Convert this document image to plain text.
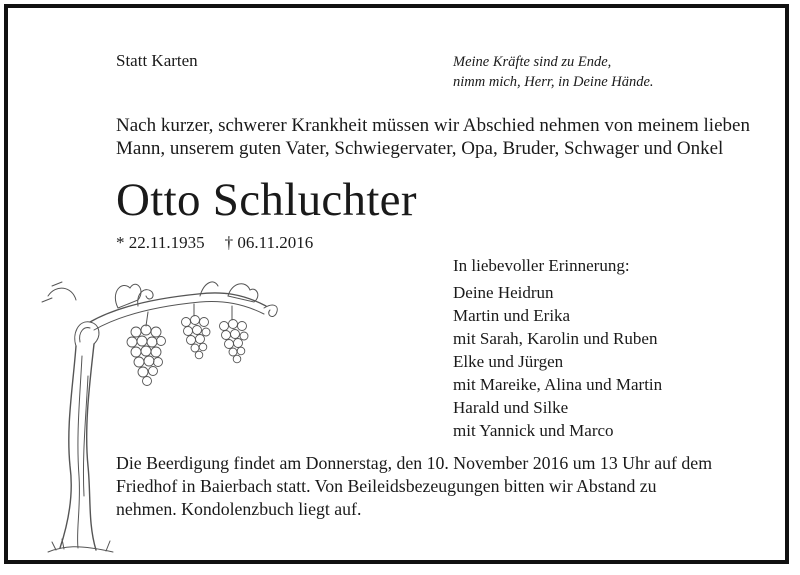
Statt Karten	Meine Kräfte sind zu Ende,
nimm mich, Herr, in Deine Hände.
Nach kurzer, schwerer Krankheit müssen wir Abschied nehmen von meinem lieben
Mann, unserem guten Vater, Schwiegervater, Opa, Bruder, Schwager und Onkel
Otto Schluchter
* 22.11.1935 † 06.11.2016
In liebevoller Erinnerung:
Deine Heidrun
Martin und Erika
mit Sarah, Karolin und Ruben
Elke und Jürgen
mit Mareike, Alina und Martin
Harald und Silke
mit Yannick und Marco
Die Beerdigung findet am Donnerstag, den 10. November 2016 um 13 Uhr auf dem
Friedhof in Baierbach statt. Von Beileidsbezeugungen bitten wir Abstand zu
nehmen. Kondolenzbuch liegt auf.
